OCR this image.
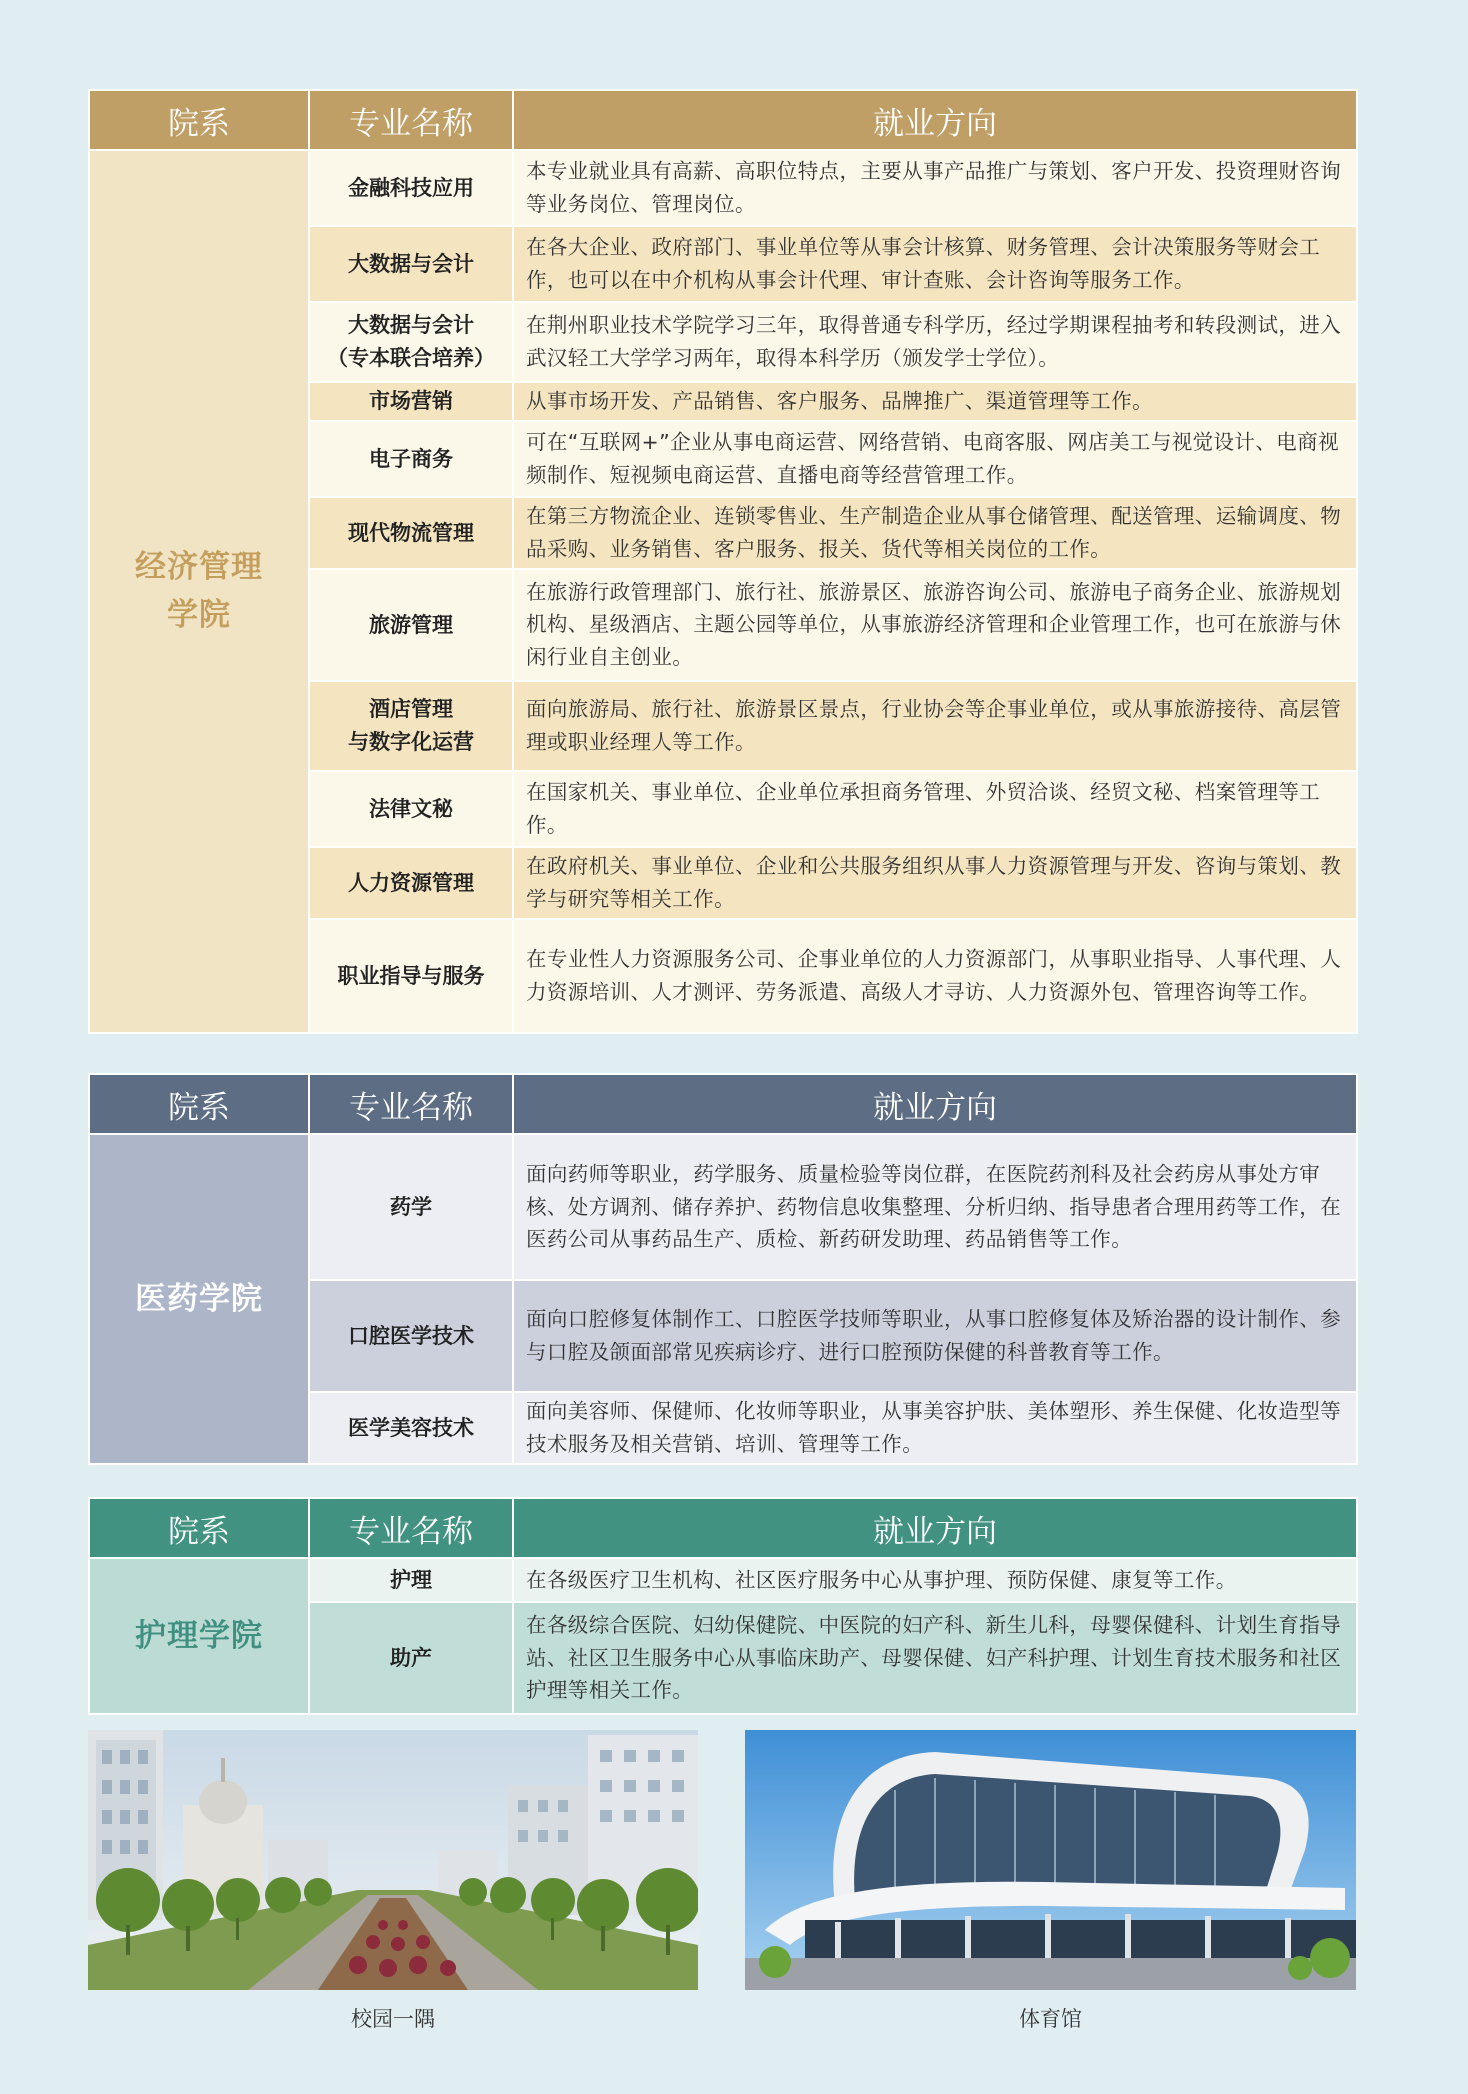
院系	专业名称	就业方向

经济管理
学院	金融科技应用	本专业就业具有高薪、高职位特点，主要从事产品推广与策划、客户开发、投资理财咨询等业务岗位、管理岗位。

	大数据与会计	在各大企业、政府部门、事业单位等从事会计核算、财务管理、会计决策服务等财会工作，也可以在中介机构从事会计代理、审计查账、会计咨询等服务工作。

	大数据与会计
（专本联合培养）	在荆州职业技术学院学习三年，取得普通专科学历，经过学期课程抽考和转段测试，进入武汉轻工大学学习两年，取得本科学历（颁发学士学位）。

	市场营销	从事市场开发、产品销售、客户服务、品牌推广、渠道管理等工作。

	电子商务	可在“互联网+”企业从事电商运营、网络营销、电商客服、网店美工与视觉设计、电商视频制作、短视频电商运营、直播电商等经营管理工作。

	现代物流管理	在第三方物流企业、连锁零售业、生产制造企业从事仓储管理、配送管理、运输调度、物品采购、业务销售、客户服务、报关、货代等相关岗位的工作。

	旅游管理	在旅游行政管理部门、旅行社、旅游景区、旅游咨询公司、旅游电子商务企业、旅游规划机构、星级酒店、主题公园等单位，从事旅游经济管理和企业管理工作，也可在旅游与休闲行业自主创业。

	酒店管理
与数字化运营	面向旅游局、旅行社、旅游景区景点，行业协会等企事业单位，或从事旅游接待、高层管理或职业经理人等工作。

	法律文秘	在国家机关、事业单位、企业单位承担商务管理、外贸洽谈、经贸文秘、档案管理等工作。

	人力资源管理	在政府机关、事业单位、企业和公共服务组织从事人力资源管理与开发、咨询与策划、教学与研究等相关工作。

	职业指导与服务	在专业性人力资源服务公司、企事业单位的人力资源部门，从事职业指导、人事代理、人力资源培训、人才测评、劳务派遣、高级人才寻访、人力资源外包、管理咨询等工作。
院系	专业名称	就业方向

医药学院	药学	面向药师等职业，药学服务、质量检验等岗位群，在医院药剂科及社会药房从事处方审核、处方调剂、储存养护、药物信息收集整理、分析归纳、指导患者合理用药等工作，在医药公司从事药品生产、质检、新药研发助理、药品销售等工作。

	口腔医学技术	面向口腔修复体制作工、口腔医学技师等职业，从事口腔修复体及矫治器的设计制作、参与口腔及颌面部常见疾病诊疗、进行口腔预防保健的科普教育等工作。

	医学美容技术	面向美容师、保健师、化妆师等职业，从事美容护肤、美体塑形、养生保健、化妆造型等技术服务及相关营销、培训、管理等工作。
院系	专业名称	就业方向

护理学院	护理	在各级医疗卫生机构、社区医疗服务中心从事护理、预防保健、康复等工作。

	助产	在各级综合医院、妇幼保健院、中医院的妇产科、新生儿科，母婴保健科、计划生育指导站、社区卫生服务中心从事临床助产、母婴保健、妇产科护理、计划生育技术服务和社区护理等相关工作。
校园一隅	体育馆
